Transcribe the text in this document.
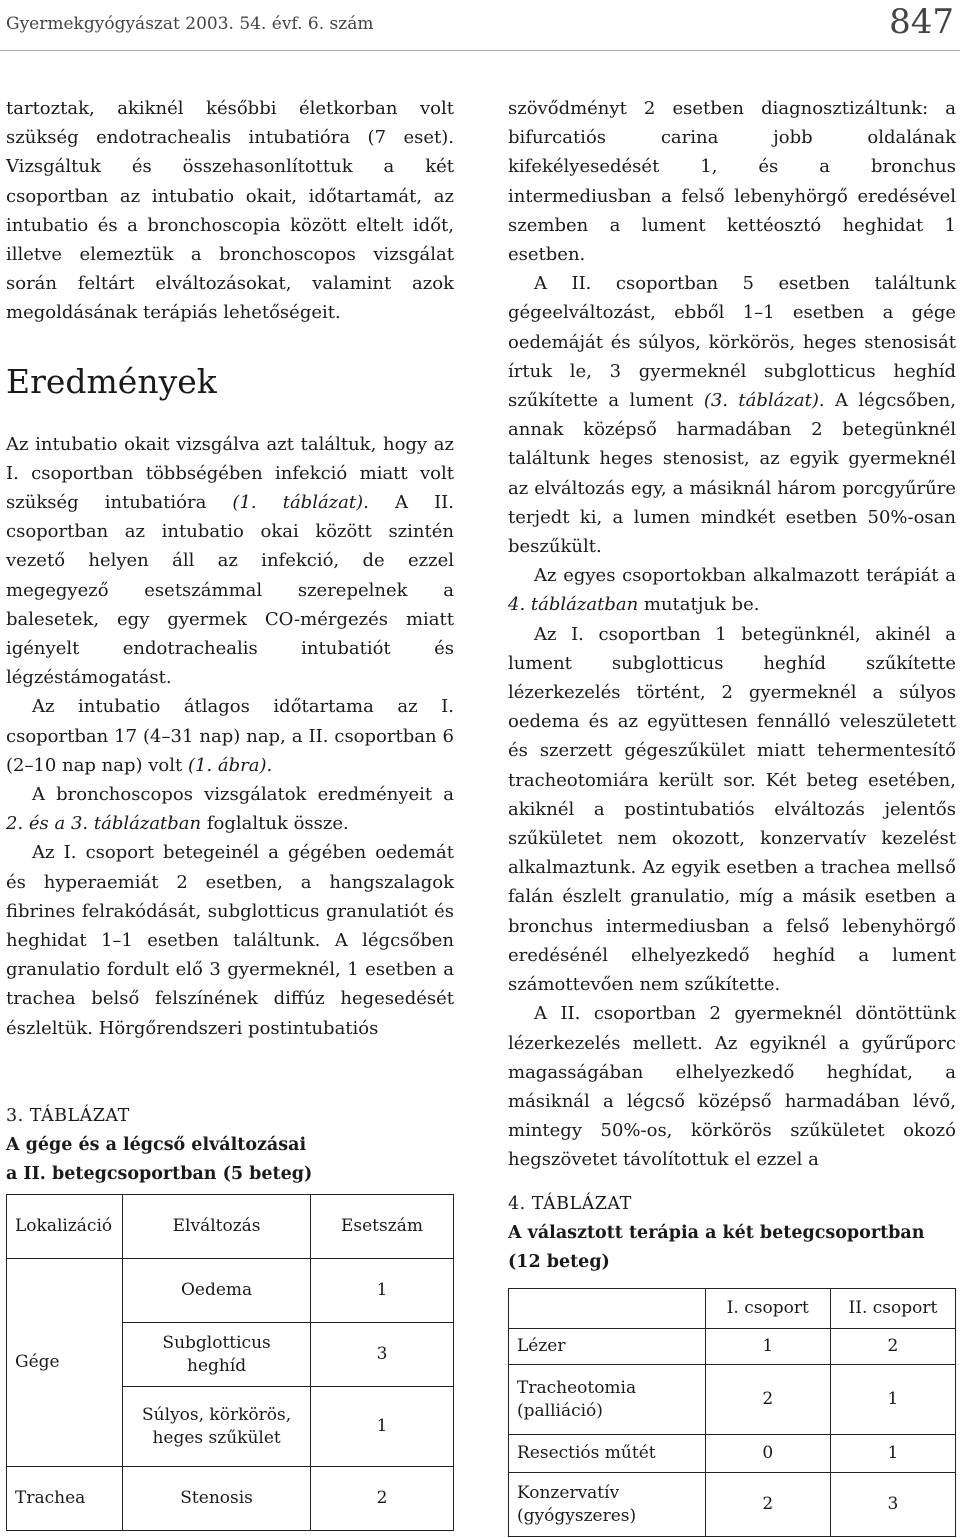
Gyermekgyógyászat 2003. 54. évf. 6. szám	847

tartoztak, akiknél későbbi életkorban volt szükség endotrachealis intubatióra (7 eset). Vizsgáltuk és összehasonlítottuk a két csoportban az intubatio okait, időtartamát, az intubatio és a bronchoscopia között eltelt időt, illetve elemeztük a bronchoscopos vizsgálat során feltárt elváltozásokat, valamint azok megoldásának terápiás lehetőségeit.

Eredmények

Az intubatio okait vizsgálva azt találtuk, hogy az I. csoportban többségében infekció miatt volt szükség intubatióra (1. táblázat). A II. csoportban az intubatio okai között szintén vezető helyen áll az infekció, de ezzel megegyező esetszámmal szerepelnek a balesetek, egy gyermek CO-mérgezés miatt igényelt endotrachealis intubatiót és légzéstámogatást.

Az intubatio átlagos időtartama az I. csoportban 17 (4–31 nap) nap, a II. csoportban 6 (2–10 nap nap) volt (1. ábra).

A bronchoscopos vizsgálatok eredményeit a 2. és a 3. táblázatban foglaltuk össze.

Az I. csoport betegeinél a gégében oedemát és hyperaemiát 2 esetben, a hangszalagok fibrines felrakódását, subglotticus granulatiót és heghidat 1–1 esetben találtunk. A légcsőben granulatio fordult elő 3 gyermeknél, 1 esetben a trachea belső felszínének diffúz hegesedését észleltük. Hörgőrendszeri postintubatiós

szövődményt 2 esetben diagnosztizáltunk: a bifurcatiós carina jobb oldalának kifekélyesedését 1, és a bronchus intermediusban a felső lebenyhörgő eredésével szemben a lument kettéosztó heghidat 1 esetben.

A II. csoportban 5 esetben találtunk gégeelváltozást, ebből 1–1 esetben a gége oedemáját és súlyos, körkörös, heges stenosisát írtuk le, 3 gyermeknél subglotticus heghíd szűkítette a lument (3. táblázat). A légcsőben, annak középső harmadában 2 betegünknél találtunk heges stenosist, az egyik gyermeknél az elváltozás egy, a másiknál három porcgyűrűre terjedt ki, a lumen mindkét esetben 50%-osan beszűkült.

Az egyes csoportokban alkalmazott terápiát a 4. táblázatban mutatjuk be.

Az I. csoportban 1 betegünknél, akinél a lument subglotticus heghíd szűkítette lézerkezelés történt, 2 gyermeknél a súlyos oedema és az együttesen fennálló veleszületett és szerzett gégeszűkület miatt tehermentesítő tracheotomiára került sor. Két beteg esetében, akiknél a postintubatiós elváltozás jelentős szűkületet nem okozott, konzervatív kezelést alkalmaztunk. Az egyik esetben a trachea mellső falán észlelt granulatio, míg a másik esetben a bronchus intermediusban a felső lebenyhörgő eredésénél elhelyezkedő heghíd a lument számottevően nem szűkítette.

A II. csoportban 2 gyermeknél döntöttünk lézerkezelés mellett. Az egyiknél a gyűrűporc magasságában elhelyezkedő heghídat, a másiknál a légcső középső harmadában lévő, mintegy 50%-os, körkörös szűkületet okozó hegszövetet távolítottuk el ezzel a

3. TÁBLÁZAT
A gége és a légcső elváltozásai
a II. betegcsoportban (5 beteg)
Lokalizáció	Elváltozás	Esetszám
Gége	Oedema	1
	Subglotticus heghíd	3
	Súlyos, körkörös, heges szűkület	1
Trachea	Stenosis	2
4. TÁBLÁZAT
A választott terápia a két betegcsoportban
(12 beteg)
	I. csoport	II. csoport
Lézer	1	2
Tracheotomia (palliáció)	2	1
Resectiós műtét	0	1
Konzervatív (gyógyszeres)	2	3
